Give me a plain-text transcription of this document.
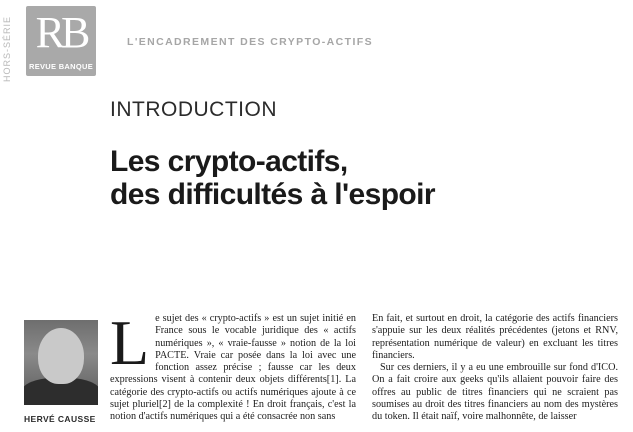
HORS-SÉRIE RB
REVUE BANQUE
L'ENCADREMENT DES CRYPTO-ACTIFS
INTRODUCTION
Les crypto-actifs,
des difficultés à l'espoir
HERVÉ CAUSSE

Le sujet des « crypto-actifs » est un sujet initié en France sous le vocable juridique des « actifs numériques », « vraie-fausse » notion de la loi PACTE. Vraie car posée dans la loi avec une fonction assez précise ; fausse car les deux expressions visent à contenir deux objets différents[1]. La catégorie des crypto-actifs ou actifs numériques ajoute à ce sujet pluriel[2] de la complexité ! En droit français, c'est la notion d'actifs numériques qui a été consacrée non sans

En fait, et surtout en droit, la catégorie des actifs financiers s'appuie sur les deux réalités précédentes (jetons et RNV, représentation numérique de valeur) en excluant les titres financiers.

Sur ces derniers, il y a eu une embrouille sur fond d'ICO. On a fait croire aux geeks qu'ils allaient pouvoir faire des offres au public de titres financiers qui ne scraient pas soumises au droit des titres financiers au nom des mystères du token. Il était naïf, voire malhonnête, de laisser
